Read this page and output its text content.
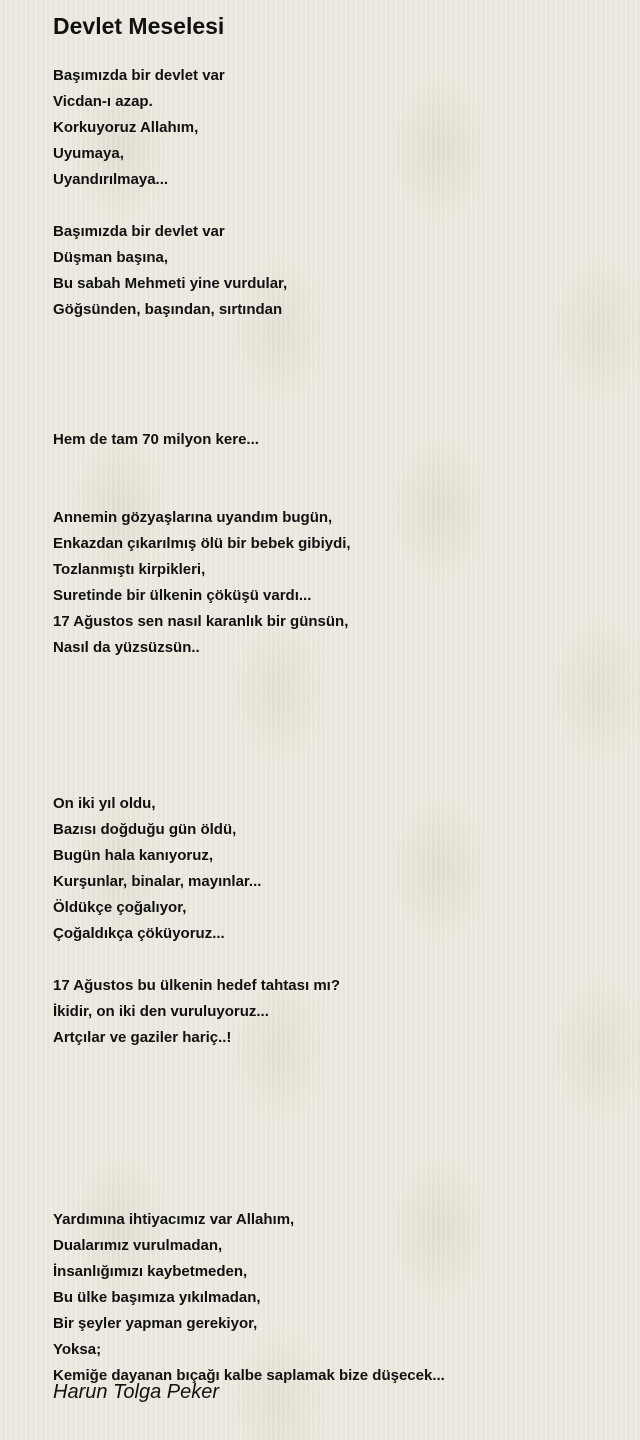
Devlet Meselesi
Başımızda bir devlet var
Vicdan-ı azap.
Korkuyoruz Allahım,
Uyumaya,
Uyandırılmaya...
Başımızda bir devlet var
Düşman başına,
Bu sabah Mehmeti yine vurdular,
Göğsünden, başından, sırtından
Hem de tam 70 milyon kere...
Annemin gözyaşlarına uyandım bugün,
Enkazdan çıkarılmış ölü bir bebek gibiydi,
Tozlanmıştı kirpikleri,
Suretinde bir ülkenin çöküşü vardı...
17 Ağustos sen nasıl karanlık bir günsün,
Nasıl da yüzsüzsün..
On iki yıl oldu,
Bazısı doğduğu gün öldü,
Bugün hala kanıyoruz,
Kurşunlar, binalar, mayınlar...
Öldükçe çoğalıyor,
Çoğaldıkça çöküyoruz...
17 Ağustos bu ülkenin hedef tahtası mı?
İkidir, on iki den vuruluyoruz...
Artçılar ve gaziler hariç..!
Yardımına ihtiyacımız var Allahım,
Dualarımız vurulmadan,
İnsanlığımızı kaybetmeden,
Bu ülke başımıza yıkılmadan,
Bir şeyler yapman gerekiyor,
Yoksa;
Kemiğe dayanan bıçağı kalbe saplamak bize düşecek...
Harun Tolga Peker
